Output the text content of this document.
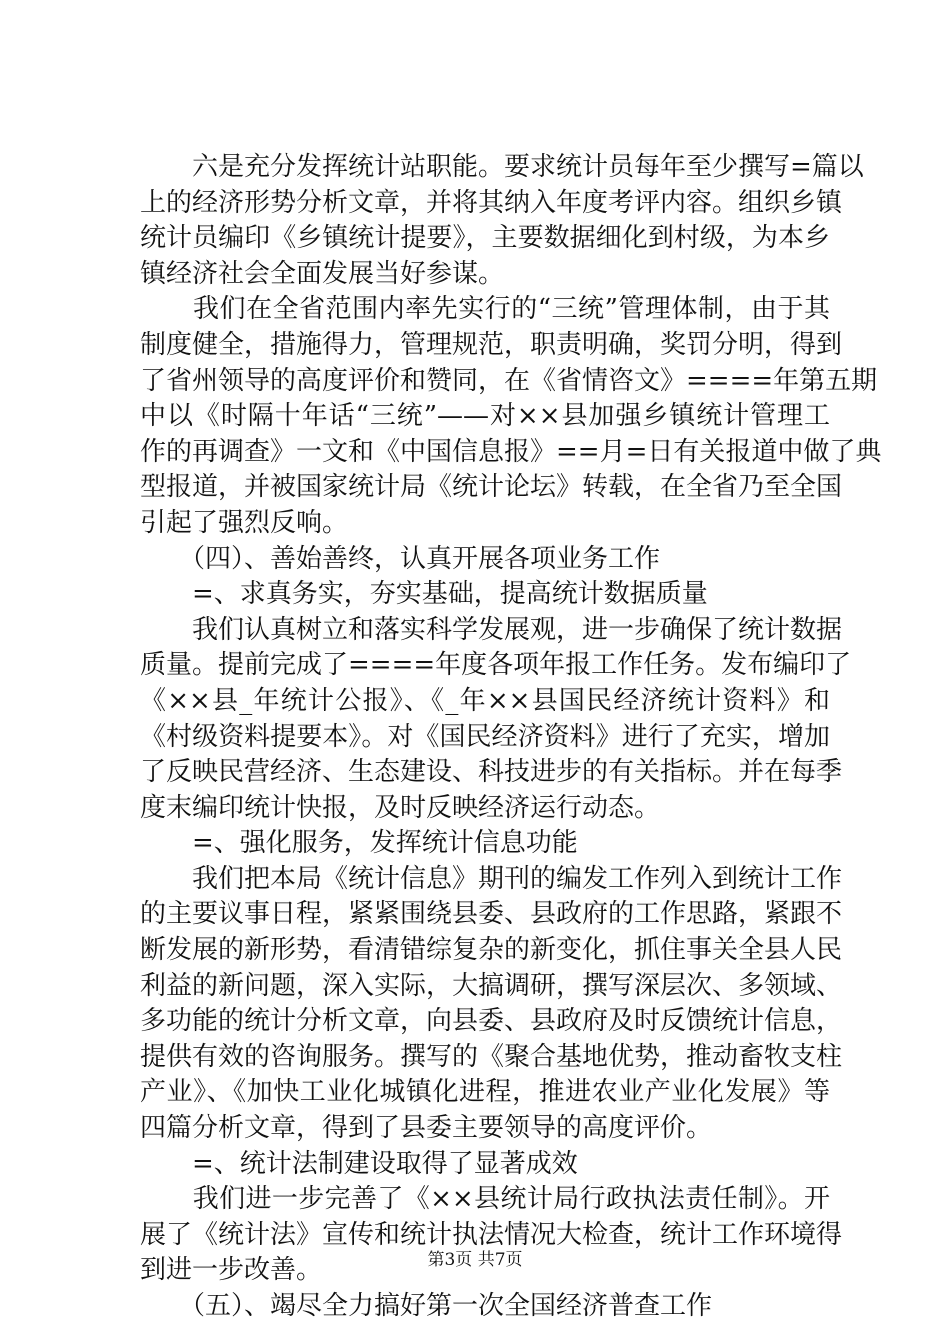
　　六是充分发挥统计站职能。要求统计员每年至少撰写=篇以
上的经济形势分析文章，并将其纳入年度考评内容。组织乡镇
统计员编印《乡镇统计提要》，主要数据细化到村级，为本乡
镇经济社会全面发展当好参谋。
　　我们在全省范围内率先实行的“三统”管理体制，由于其
制度健全，措施得力，管理规范，职责明确，奖罚分明，得到
了省州领导的高度评价和赞同，在《省情咨文》====年第五期
中以《时隔十年话“三统”——对××县加强乡镇统计管理工
作的再调查》一文和《中国信息报》==月=日有关报道中做了典
型报道，并被国家统计局《统计论坛》转载，在全省乃至全国
引起了强烈反响。
　　（四）、善始善终，认真开展各项业务工作
　　=、求真务实，夯实基础，提高统计数据质量
　　我们认真树立和落实科学发展观，进一步确保了统计数据
质量。提前完成了====年度各项年报工作任务。发布编印了
《××县_年统计公报》、《_年××县国民经济统计资料》和
《村级资料提要本》。对《国民经济资料》进行了充实，增加
了反映民营经济、生态建设、科技进步的有关指标。并在每季
度末编印统计快报，及时反映经济运行动态。
　　=、强化服务，发挥统计信息功能
　　我们把本局《统计信息》期刊的编发工作列入到统计工作
的主要议事日程，紧紧围绕县委、县政府的工作思路，紧跟不
断发展的新形势，看清错综复杂的新变化，抓住事关全县人民
利益的新问题，深入实际，大搞调研，撰写深层次、多领域、
多功能的统计分析文章，向县委、县政府及时反馈统计信息，
提供有效的咨询服务。撰写的《聚合基地优势，推动畜牧支柱
产业》、《加快工业化城镇化进程，推进农业产业化发展》等
四篇分析文章，得到了县委主要领导的高度评价。
　　=、统计法制建设取得了显著成效
　　我们进一步完善了《××县统计局行政执法责任制》。开
展了《统计法》宣传和统计执法情况大检查，统计工作环境得
到进一步改善。
　　（五）、竭尽全力搞好第一次全国经济普查工作
第3页 共7页
